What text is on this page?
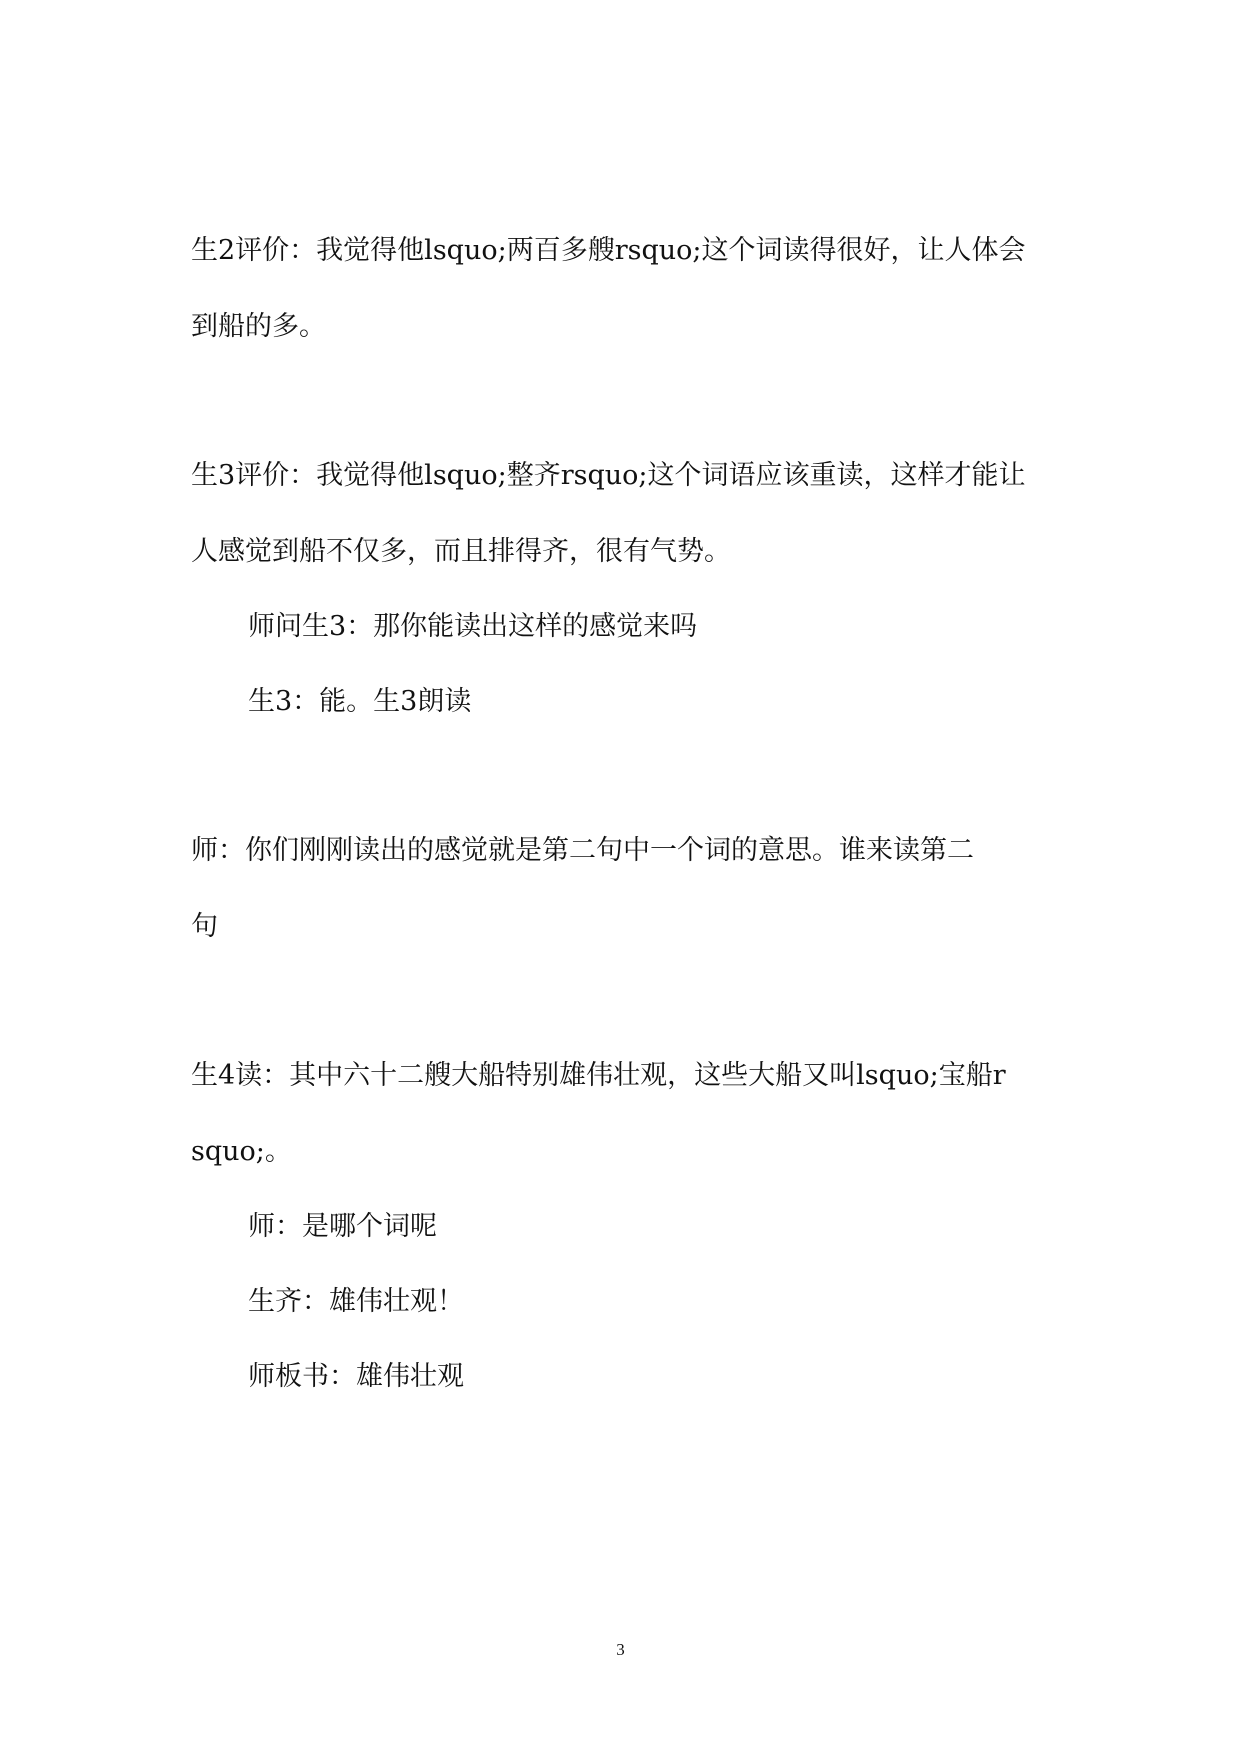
生2评价：我觉得他lsquo;两百多艘rsquo;这个词读得很好，让人体会
到船的多。
生3评价：我觉得他lsquo;整齐rsquo;这个词语应该重读，这样才能让
人感觉到船不仅多，而且排得齐，很有气势。
师问生3：那你能读出这样的感觉来吗
生3：能。生3朗读
师：你们刚刚读出的感觉就是第二句中一个词的意思。谁来读第二
句
生4读：其中六十二艘大船特别雄伟壮观，这些大船又叫lsquo;宝船r
squo;。
师：是哪个词呢
生齐：雄伟壮观！
师板书：雄伟壮观
3
